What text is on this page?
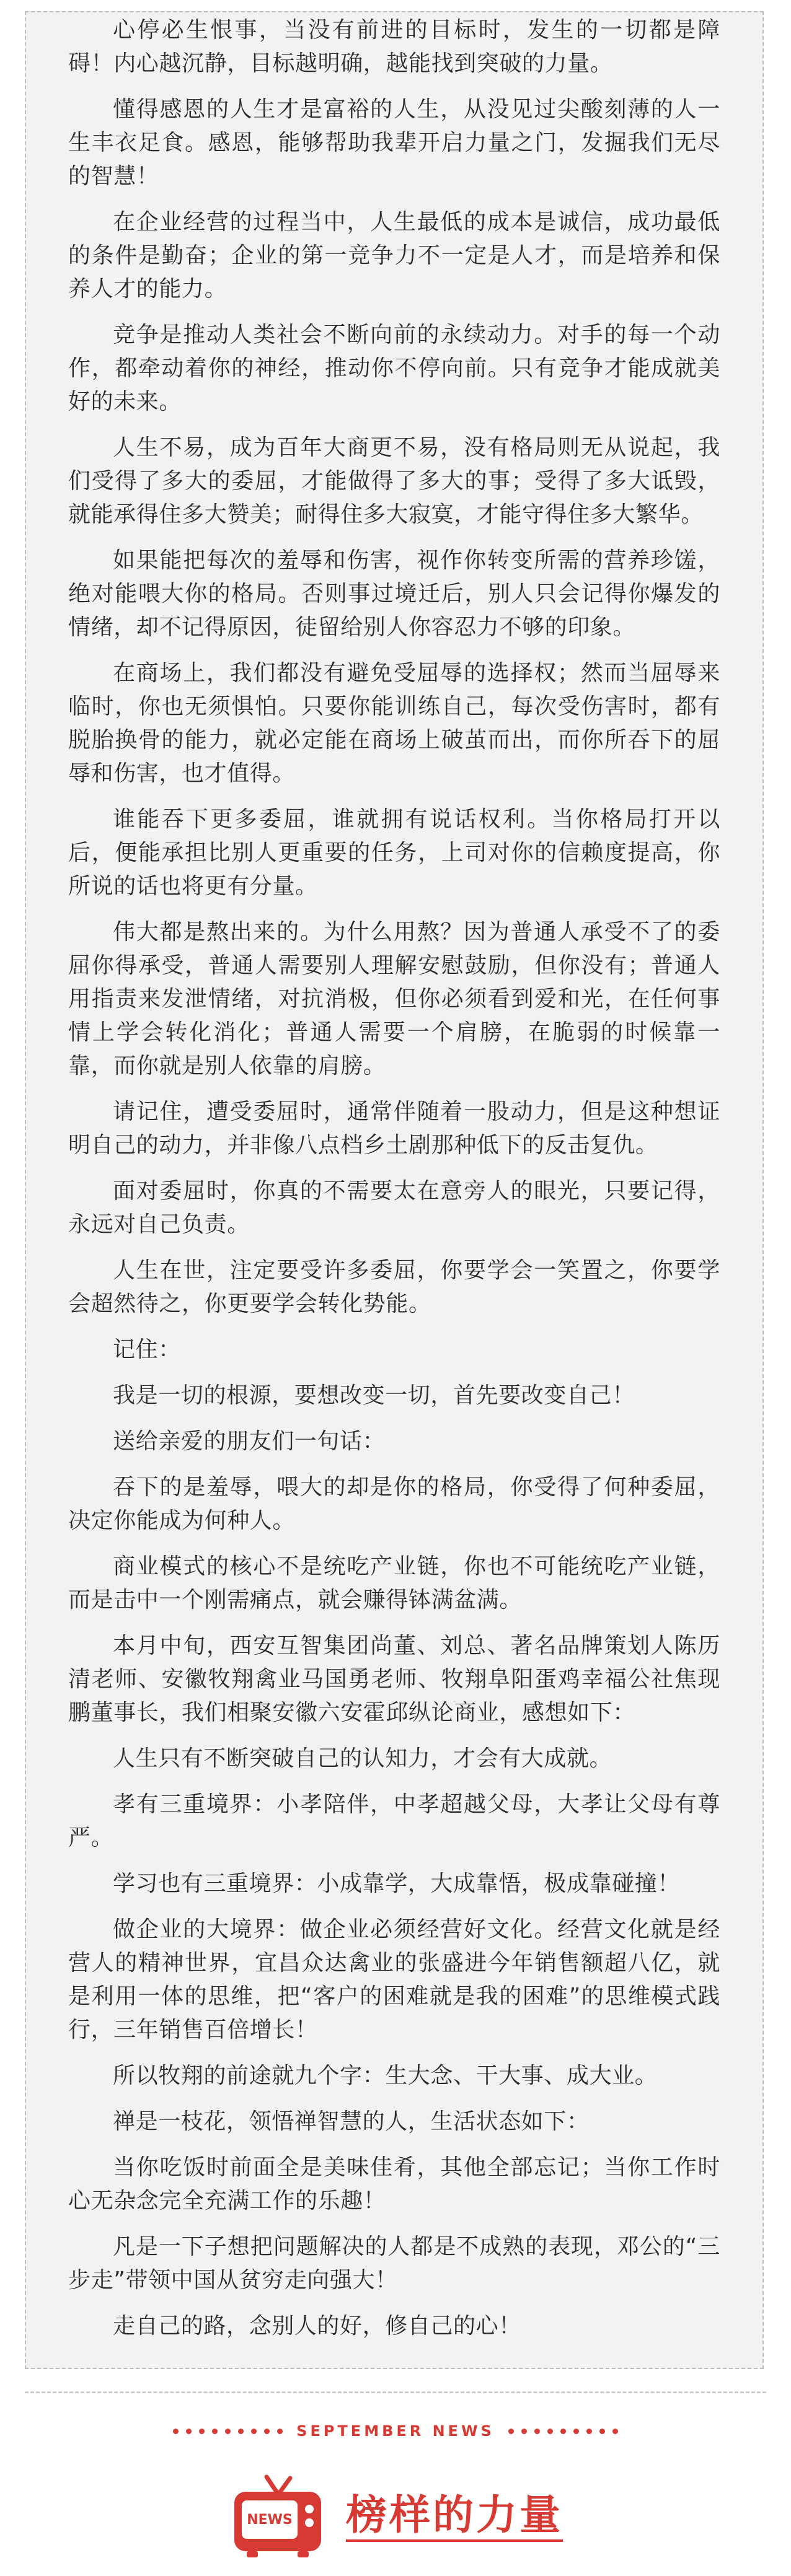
心停必生恨事，当没有前进的目标时，发生的一切都是障碍！内心越沉静，目标越明确，越能找到突破的力量。

懂得感恩的人生才是富裕的人生，从没见过尖酸刻薄的人一生丰衣足食。感恩，能够帮助我辈开启力量之门，发掘我们无尽的智慧！

在企业经营的过程当中，人生最低的成本是诚信，成功最低的条件是勤奋；企业的第一竞争力不一定是人才，而是培养和保养人才的能力。

竞争是推动人类社会不断向前的永续动力。对手的每一个动作，都牵动着你的神经，推动你不停向前。只有竞争才能成就美好的未来。

人生不易，成为百年大商更不易，没有格局则无从说起，我们受得了多大的委屈，才能做得了多大的事；受得了多大诋毁，就能承得住多大赞美；耐得住多大寂寞，才能守得住多大繁华。

如果能把每次的羞辱和伤害，视作你转变所需的营养珍馐，绝对能喂大你的格局。否则事过境迁后，别人只会记得你爆发的情绪，却不记得原因，徒留给别人你容忍力不够的印象。

在商场上，我们都没有避免受屈辱的选择权；然而当屈辱来临时，你也无须惧怕。只要你能训练自己，每次受伤害时，都有脱胎换骨的能力，就必定能在商场上破茧而出，而你所吞下的屈辱和伤害，也才值得。

谁能吞下更多委屈，谁就拥有说话权利。当你格局打开以后，便能承担比别人更重要的任务，上司对你的信赖度提高，你所说的话也将更有分量。

伟大都是熬出来的。为什么用熬？因为普通人承受不了的委屈你得承受，普通人需要别人理解安慰鼓励，但你没有；普通人用指责来发泄情绪，对抗消极，但你必须看到爱和光，在任何事情上学会转化消化；普通人需要一个肩膀，在脆弱的时候靠一靠，而你就是别人依靠的肩膀。

请记住，遭受委屈时，通常伴随着一股动力，但是这种想证明自己的动力，并非像八点档乡土剧那种低下的反击复仇。

面对委屈时，你真的不需要太在意旁人的眼光，只要记得，永远对自己负责。

人生在世，注定要受许多委屈，你要学会一笑置之，你要学会超然待之，你更要学会转化势能。

记住：

我是一切的根源，要想改变一切，首先要改变自己！

送给亲爱的朋友们一句话：

吞下的是羞辱，喂大的却是你的格局，你受得了何种委屈，决定你能成为何种人。

商业模式的核心不是统吃产业链，你也不可能统吃产业链，而是击中一个刚需痛点，就会赚得钵满盆满。

本月中旬，西安互智集团尚董、刘总、著名品牌策划人陈历清老师、安徽牧翔禽业马国勇老师、牧翔阜阳蛋鸡幸福公社焦现鹏董事长，我们相聚安徽六安霍邱纵论商业，感想如下：

人生只有不断突破自己的认知力，才会有大成就。

孝有三重境界：小孝陪伴，中孝超越父母，大孝让父母有尊严。

学习也有三重境界：小成靠学，大成靠悟，极成靠碰撞！

做企业的大境界：做企业必须经营好文化。经营文化就是经营人的精神世界，宜昌众达禽业的张盛进今年销售额超八亿，就是利用一体的思维，把“客户的困难就是我的困难”的思维模式践行，三年销售百倍增长！

所以牧翔的前途就九个字：生大念、干大事、成大业。

禅是一枝花，领悟禅智慧的人，生活状态如下：

当你吃饭时前面全是美味佳肴，其他全部忘记；当你工作时心无杂念完全充满工作的乐趣！

凡是一下子想把问题解决的人都是不成熟的表现，邓公的“三步走”带领中国从贫穷走向强大！

走自己的路，念别人的好，修自己的心！

SEPTEMBER NEWS
NEWS 榜样的力量
